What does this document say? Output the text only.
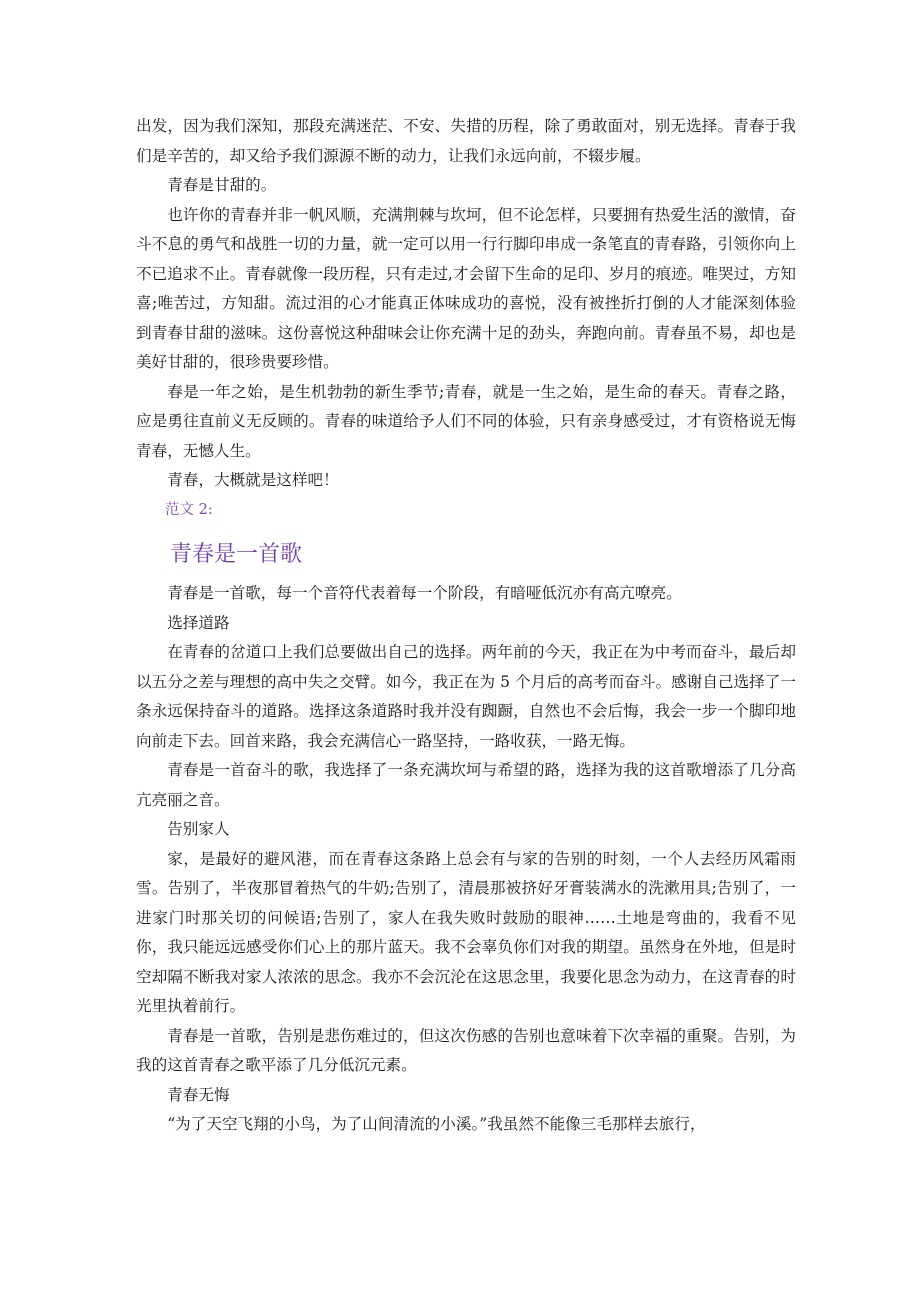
出发，因为我们深知，那段充满迷茫、不安、失措的历程，除了勇敢面对，别无选择。青春于我们是辛苦的，却又给予我们源源不断的动力，让我们永远向前，不辍步履。

青春是甘甜的。

也许你的青春并非一帆风顺，充满荆棘与坎坷，但不论怎样，只要拥有热爱生活的激情，奋斗不息的勇气和战胜一切的力量，就一定可以用一行行脚印串成一条笔直的青春路，引领你向上不已追求不止。青春就像一段历程，只有走过,才会留下生命的足印、岁月的痕迹。唯哭过，方知喜;唯苦过，方知甜。流过泪的心才能真正体味成功的喜悦，没有被挫折打倒的人才能深刻体验到青春甘甜的滋味。这份喜悦这种甜味会让你充满十足的劲头，奔跑向前。青春虽不易，却也是美好甘甜的，很珍贵要珍惜。

春是一年之始，是生机勃勃的新生季节;青春，就是一生之始，是生命的春天。青春之路，应是勇往直前义无反顾的。青春的味道给予人们不同的体验，只有亲身感受过，才有资格说无悔青春，无憾人生。

青春，大概就是这样吧！

范文 2:

青春是一首歌

青春是一首歌，每一个音符代表着每一个阶段，有暗哑低沉亦有高亢嘹亮。

选择道路

在青春的岔道口上我们总要做出自己的选择。两年前的今天，我正在为中考而奋斗，最后却以五分之差与理想的高中失之交臂。如今，我正在为 5 个月后的高考而奋斗。感谢自己选择了一条永远保持奋斗的道路。选择这条道路时我并没有踟蹰，自然也不会后悔，我会一步一个脚印地向前走下去。回首来路，我会充满信心一路坚持，一路收获，一路无悔。

青春是一首奋斗的歌，我选择了一条充满坎坷与希望的路，选择为我的这首歌增添了几分高亢亮丽之音。

告别家人

家，是最好的避风港，而在青春这条路上总会有与家的告别的时刻，一个人去经历风霜雨雪。告别了，半夜那冒着热气的牛奶;告别了，清晨那被挤好牙膏装满水的洗漱用具;告别了，一进家门时那关切的问候语;告别了，家人在我失败时鼓励的眼神……土地是弯曲的，我看不见你，我只能远远感受你们心上的那片蓝天。我不会辜负你们对我的期望。虽然身在外地，但是时空却隔不断我对家人浓浓的思念。我亦不会沉沦在这思念里，我要化思念为动力，在这青春的时光里执着前行。

青春是一首歌，告别是悲伤难过的，但这次伤感的告别也意味着下次幸福的重聚。告别，为我的这首青春之歌平添了几分低沉元素。

青春无悔

“为了天空飞翔的小鸟，为了山间清流的小溪。”我虽然不能像三毛那样去旅行，
